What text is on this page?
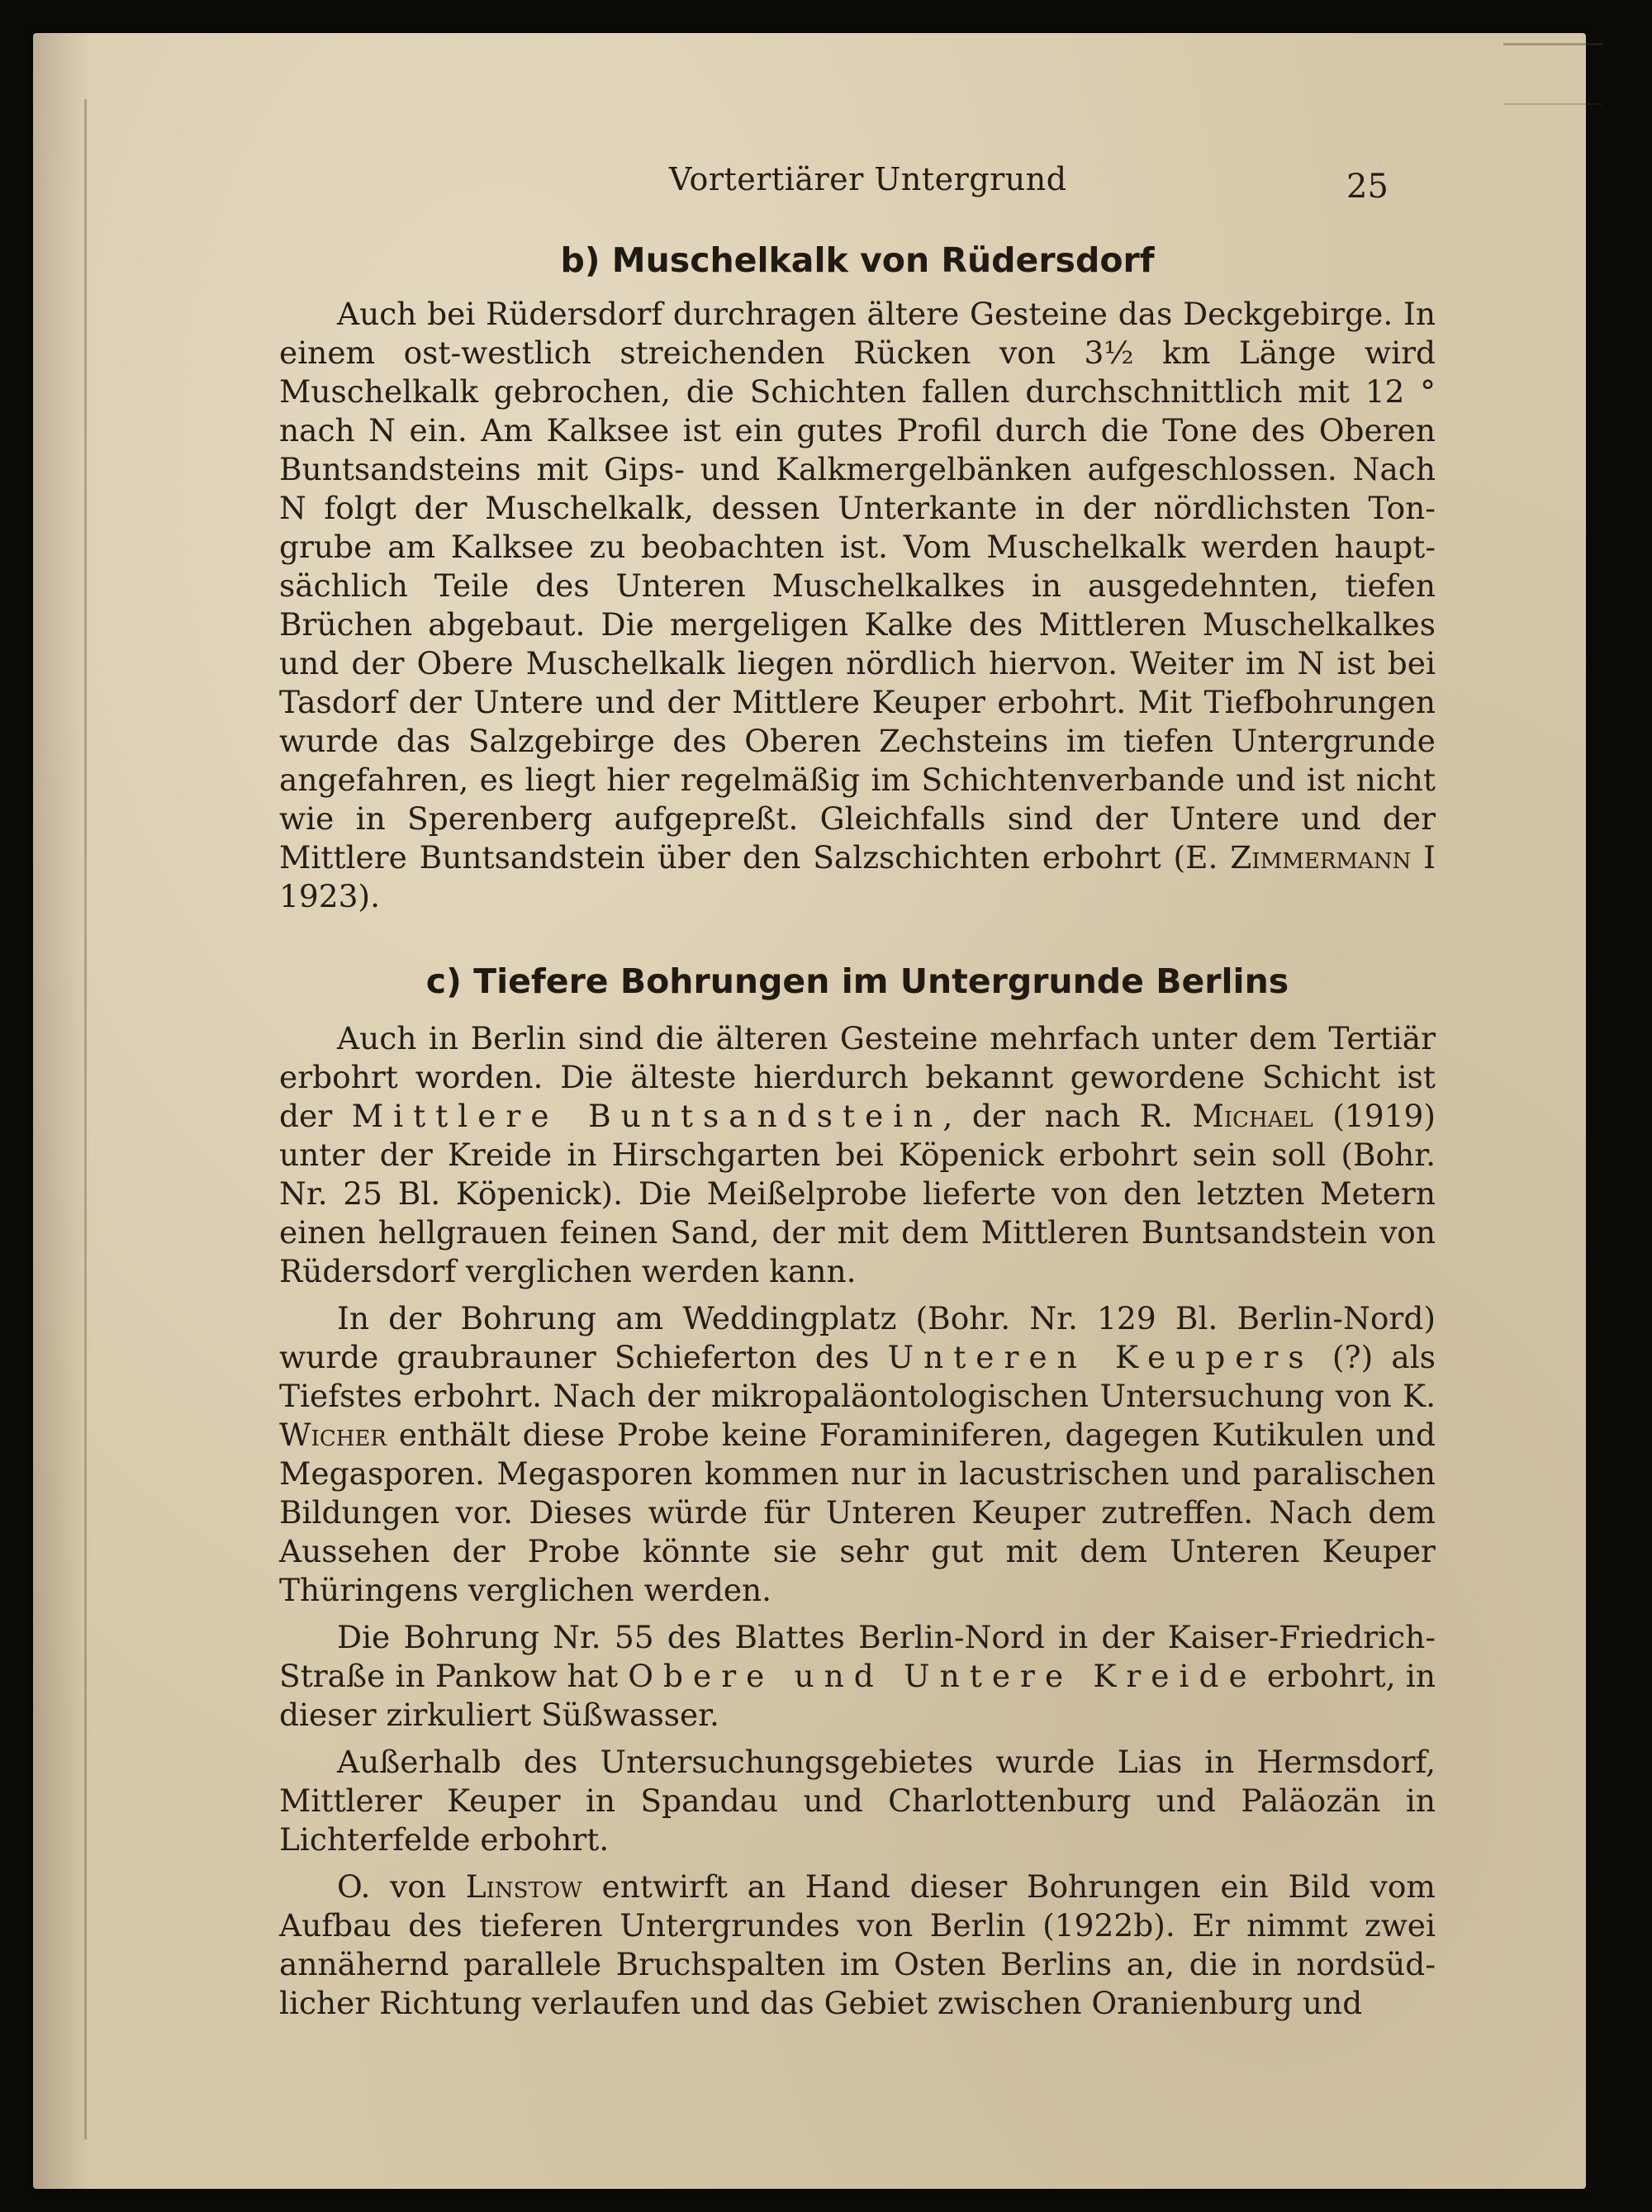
Vortertiärer Untergrund	25
b) Muschelkalk von Rüdersdorf

Auch bei Rüdersdorf durchragen ältere Gesteine das Deckgebirge. In einem ost-westlich streichenden Rücken von 3½ km Länge wird Muschelkalk gebrochen, die Schichten fallen durchschnittlich mit 12 ° nach N ein. Am Kalksee ist ein gutes Profil durch die Tone des Oberen Buntsandsteins mit Gips- und Kalkmergelbänken aufgeschlossen. Nach N folgt der Muschelkalk, dessen Unterkante in der nördlichsten Tongrube am Kalksee zu beobachten ist. Vom Muschelkalk werden hauptsächlich Teile des Unteren Muschelkalkes in ausgedehnten, tiefen Brüchen abgebaut. Die mergeligen Kalke des Mittleren Muschelkalkes und der Obere Muschelkalk liegen nördlich hiervon. Weiter im N ist bei Tasdorf der Untere und der Mittlere Keuper erbohrt. Mit Tiefbohrungen wurde das Salzgebirge des Oberen Zechsteins im tiefen Untergrunde angefahren, es liegt hier regelmäßig im Schichtenverbande und ist nicht wie in Sperenberg aufgepreßt. Gleichfalls sind der Untere und der Mittlere Buntsandstein über den Salzschichten erbohrt (E. Zimmermann I 1923).

c) Tiefere Bohrungen im Untergrunde Berlins

Auch in Berlin sind die älteren Gesteine mehrfach unter dem Tertiär erbohrt worden. Die älteste hierdurch bekannt gewordene Schicht ist der Mittlere Buntsandstein, der nach R. Michael (1919) unter der Kreide in Hirschgarten bei Köpenick erbohrt sein soll (Bohr. Nr. 25 Bl. Köpenick). Die Meißelprobe lieferte von den letzten Metern einen hellgrauen feinen Sand, der mit dem Mittleren Buntsandstein von Rüdersdorf verglichen werden kann.

In der Bohrung am Weddingplatz (Bohr. Nr. 129 Bl. Berlin-Nord) wurde graubrauner Schieferton des Unteren Keupers (?) als Tiefstes erbohrt. Nach der mikropaläontologischen Untersuchung von K. Wicher enthält diese Probe keine Foraminiferen, dagegen Kutikulen und Megasporen. Megasporen kommen nur in lacustrischen und paralischen Bildungen vor. Dieses würde für Unteren Keuper zutreffen. Nach dem Aussehen der Probe könnte sie sehr gut mit dem Unteren Keuper Thüringens verglichen werden.

Die Bohrung Nr. 55 des Blattes Berlin-Nord in der Kaiser-Friedrich-Straße in Pankow hat Obere und Untere Kreide erbohrt, in dieser zirkuliert Süßwasser.

Außerhalb des Untersuchungsgebietes wurde Lias in Hermsdorf, Mittlerer Keuper in Spandau und Charlottenburg und Paläozän in Lichterfelde erbohrt.

O. von Linstow entwirft an Hand dieser Bohrungen ein Bild vom Aufbau des tieferen Untergrundes von Berlin (1922b). Er nimmt zwei annähernd parallele Bruchspalten im Osten Berlins an, die in nordsüdlicher Richtung verlaufen und das Gebiet zwischen Oranienburg und
